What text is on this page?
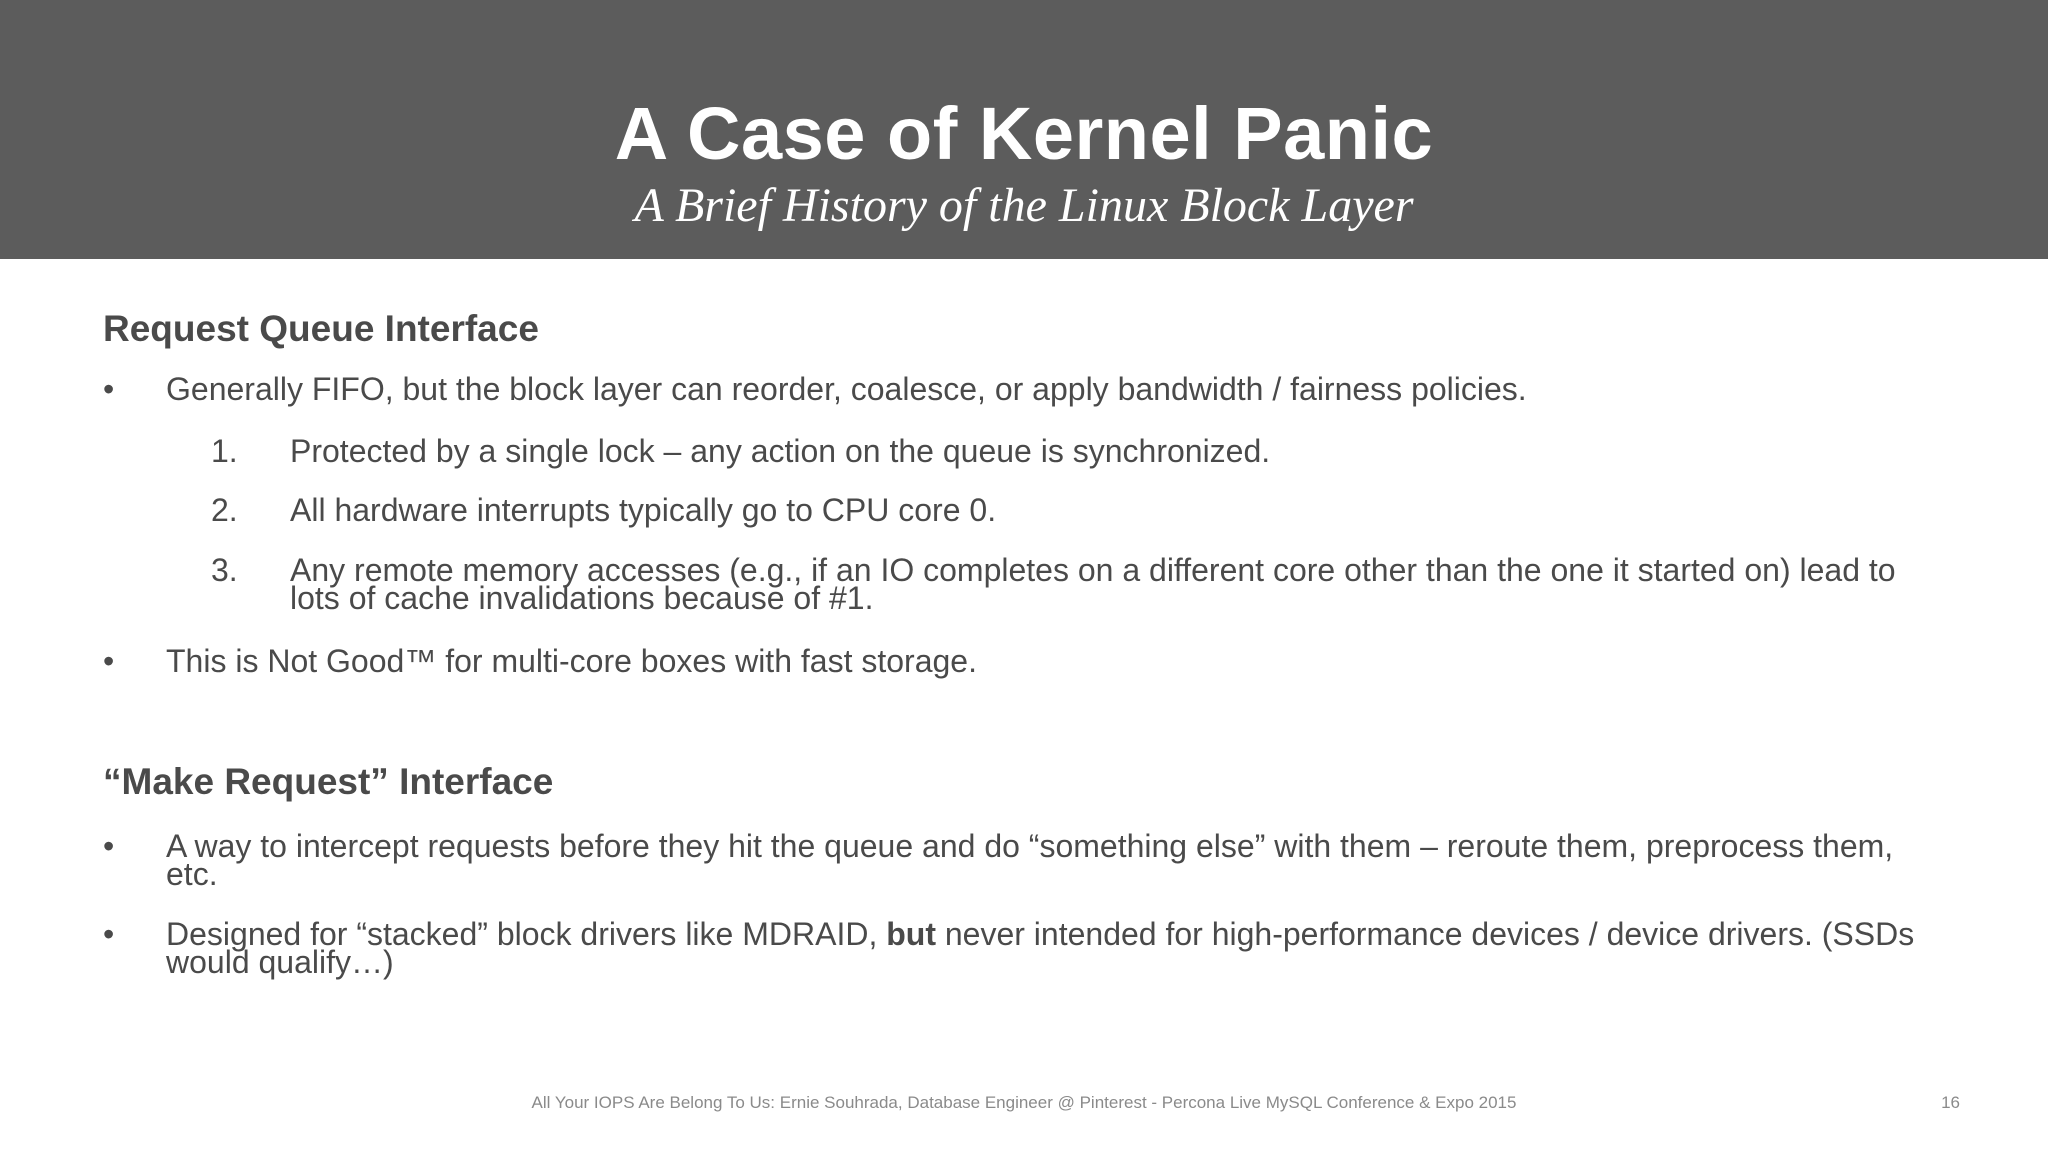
A Case of Kernel Panic
A Brief History of the Linux Block Layer
Request Queue Interface
• Generally FIFO, but the block layer can reorder, coalesce, or apply bandwidth / fairness policies.
1. Protected by a single lock – any action on the queue is synchronized.
2. All hardware interrupts typically go to CPU core 0.
3. Any remote memory accesses (e.g., if an IO completes on a different core other than the one it started on) lead to lots of cache invalidations because of #1.
• This is Not Good™ for multi-core boxes with fast storage.
“Make Request” Interface
• A way to intercept requests before they hit the queue and do “something else” with them – reroute them, preprocess them, etc.
• Designed for “stacked” block drivers like MDRAID, but never intended for high-performance devices / device drivers. (SSDs would qualify…)
All Your IOPS Are Belong To Us: Ernie Souhrada, Database Engineer @ Pinterest - Percona Live MySQL Conference & Expo 2015	16
